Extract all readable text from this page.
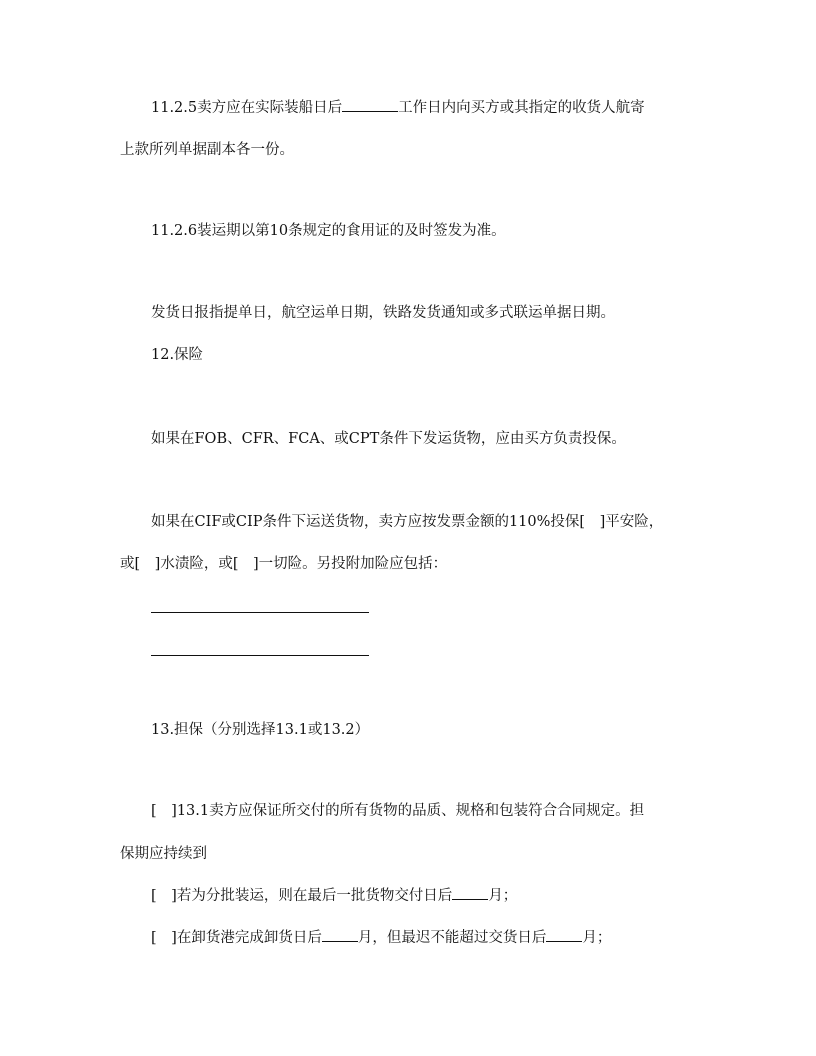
11.2.5卖方应在实际装船日后	工作日内向买方或其指定的收货人航寄
上款所列单据副本各一份。
11.2.6装运期以第10条规定的食用证的及时签发为准。
发货日报指提单日，航空运单日期，铁路发货通知或多式联运单据日期。
12.保险
如果在FOB、CFR、FCA、或CPT条件下发运货物，应由买方负责投保。
如果在CIF或CIP条件下运送货物，卖方应按发票金额的110%投保[　]平安险，
或[　]水渍险，或[　]一切险。另投附加险应包括：
13.担保（分别选择13.1或13.2）
[　]13.1卖方应保证所交付的所有货物的品质、规格和包装符合合同规定。担
保期应持续到
[　]若为分批装运，则在最后一批货物交付日后 月；
[　]在卸货港完成卸货日后 月，但最迟不能超过交货日后 月；
